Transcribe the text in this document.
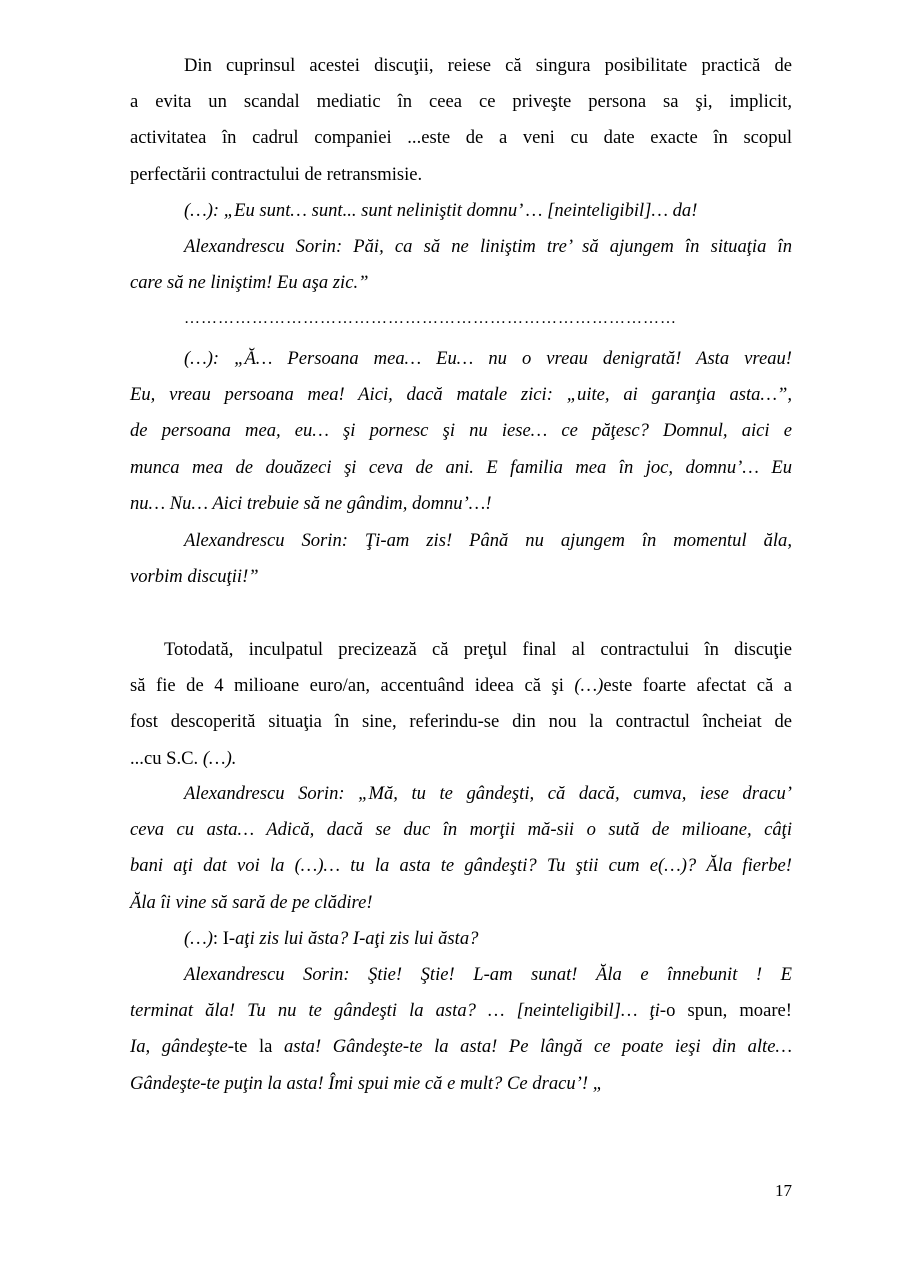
Din cuprinsul acestei discuţii, reiese că singura posibilitate practică de
a evita un scandal mediatic în ceea ce priveşte persona sa şi, implicit,
activitatea în cadrul companiei ...este de a veni cu date exacte în scopul
perfectării contractului de retransmisie.
(…): „Eu sunt… sunt... sunt neliniştit domnu’ … [neinteligibil]… da!
Alexandrescu Sorin: Păi, ca să ne liniştim tre’ să ajungem în situaţia în
care să ne liniştim! Eu aşa zic.”
……………………………………………………………………………
(…): „Ă… Persoana mea… Eu… nu o vreau denigrată! Asta vreau!
Eu, vreau persoana mea! Aici, dacă matale zici: „uite, ai garanţia asta…”,
de persoana mea, eu… şi pornesc şi nu iese… ce păţesc? Domnul, aici e
munca mea de douăzeci şi ceva de ani. E familia mea în joc, domnu’… Eu
nu… Nu… Aici trebuie să ne gândim, domnu’…!
Alexandrescu Sorin: Ţi-am zis! Până nu ajungem în momentul ăla,
vorbim discuţii!”
Totodată, inculpatul precizează că preţul final al contractului în discuţie
să fie de 4 milioane euro/an, accentuând ideea că şi (…)este foarte afectat că a
fost descoperită situaţia în sine, referindu-se din nou la contractul încheiat de
...cu S.C. (…).
Alexandrescu Sorin: „Mă, tu te gândeşti, că dacă, cumva, iese dracu’
ceva cu asta… Adică, dacă se duc în morţii mă-sii o sută de milioane, câţi
bani aţi dat voi la (…)… tu la asta te gândeşti? Tu ştii cum e(…)? Ăla fierbe!
Ăla îi vine să sară de pe clădire!
(…): I-aţi zis lui ăsta? I-aţi zis lui ăsta?
Alexandrescu Sorin: Ştie! Ştie! L-am sunat! Ăla e înnebunit ! E
terminat ăla! Tu nu te gândeşti la asta? … [neinteligibil]… ţi-o spun, moare!
Ia, gândeşte-te la asta! Gândeşte-te la asta! Pe lângă ce poate ieşi din alte…
Gândeşte-te puţin la asta! Îmi spui mie că e mult? Ce dracu’! „
17
